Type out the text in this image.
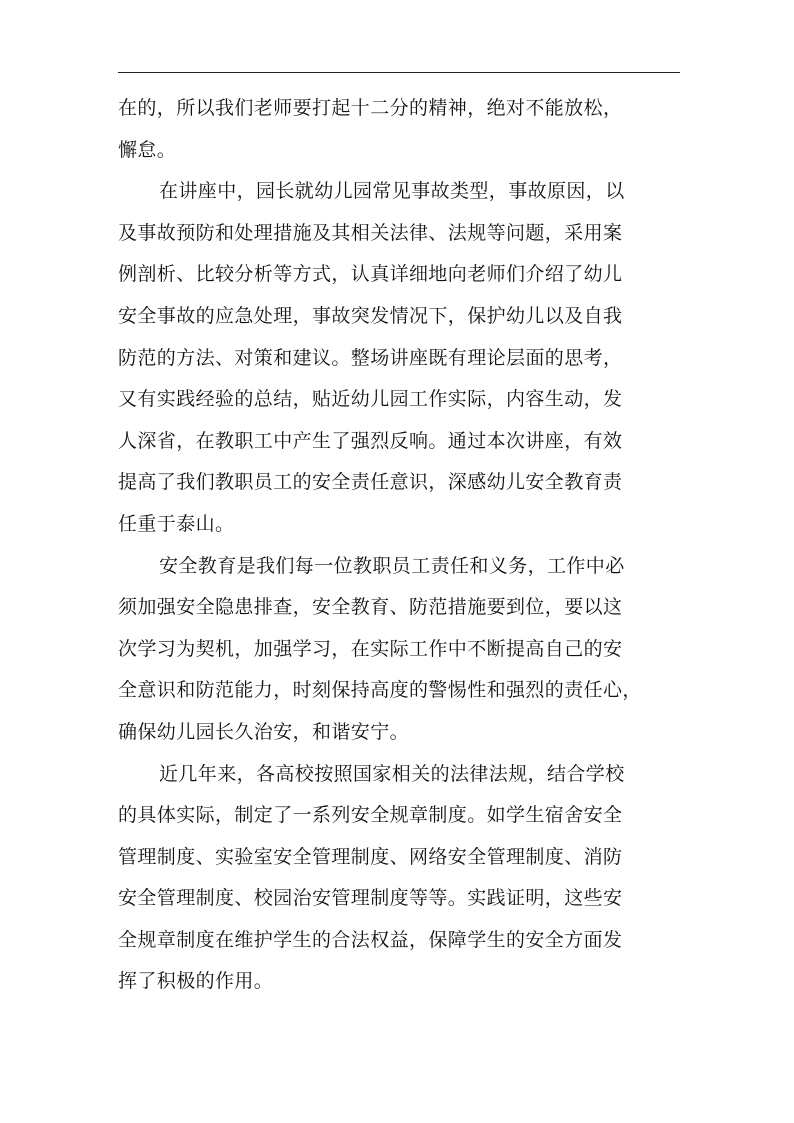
在的，所以我们老师要打起十二分的精神，绝对不能放松，
懈怠。
在讲座中，园长就幼儿园常见事故类型，事故原因，以
及事故预防和处理措施及其相关法律、法规等问题，采用案
例剖析、比较分析等方式，认真详细地向老师们介绍了幼儿
安全事故的应急处理，事故突发情况下，保护幼儿以及自我
防范的方法、对策和建议。整场讲座既有理论层面的思考，
又有实践经验的总结，贴近幼儿园工作实际，内容生动，发
人深省，在教职工中产生了强烈反响。通过本次讲座，有效
提高了我们教职员工的安全责任意识，深感幼儿安全教育责
任重于泰山。
安全教育是我们每一位教职员工责任和义务，工作中必
须加强安全隐患排查，安全教育、防范措施要到位，要以这
次学习为契机，加强学习，在实际工作中不断提高自己的安
全意识和防范能力，时刻保持高度的警惕性和强烈的责任心，
确保幼儿园长久治安，和谐安宁。
近几年来，各高校按照国家相关的法律法规，结合学校
的具体实际，制定了一系列安全规章制度。如学生宿舍安全
管理制度、实验室安全管理制度、网络安全管理制度、消防
安全管理制度、校园治安管理制度等等。实践证明，这些安
全规章制度在维护学生的合法权益，保障学生的安全方面发
挥了积极的作用。
